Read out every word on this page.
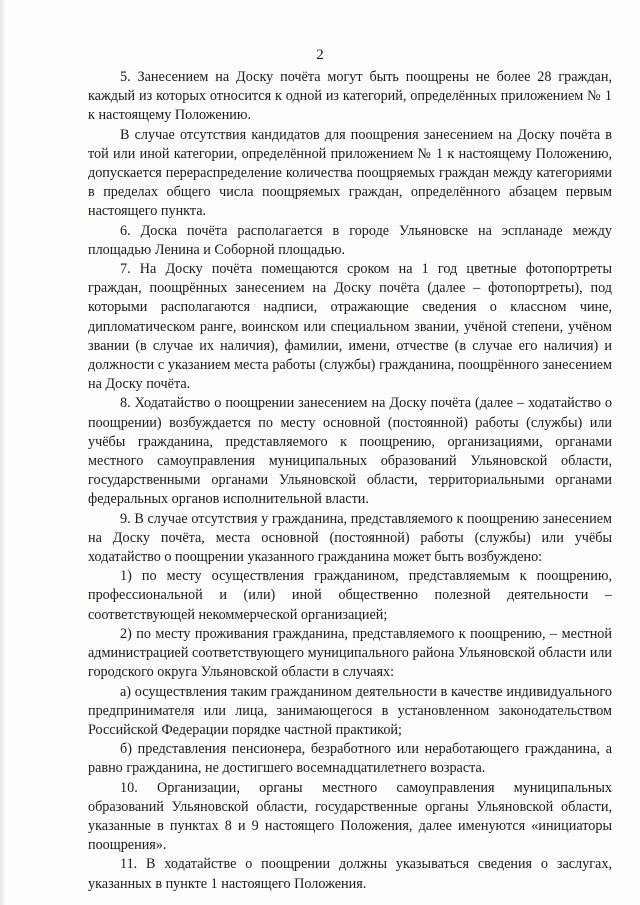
2

5. Занесением на Доску почёта могут быть поощрены не более 28 граждан, каждый из которых относится к одной из категорий, определённых приложением № 1 к настоящему Положению.

В случае отсутствия кандидатов для поощрения занесением на Доску почёта в той или иной категории, определённой приложением № 1 к настоящему Положению, допускается перераспределение количества поощряемых граждан между категориями в пределах общего числа поощряемых граждан, определённого абзацем первым настоящего пункта.

6. Доска почёта располагается в городе Ульяновске на эспланаде между площадью Ленина и Соборной площадью.

7. На Доску почёта помещаются сроком на 1 год цветные фотопортреты граждан, поощрённых занесением на Доску почёта (далее – фотопортреты), под которыми располагаются надписи, отражающие сведения о классном чине, дипломатическом ранге, воинском или специальном звании, учёной степени, учёном звании (в случае их наличия), фамилии, имени, отчестве (в случае его наличия) и должности с указанием места работы (службы) гражданина, поощрённого занесением на Доску почёта.

8. Ходатайство о поощрении занесением на Доску почёта (далее – ходатайство о поощрении) возбуждается по месту основной (постоянной) работы (службы) или учёбы гражданина, представляемого к поощрению, организациями, органами местного самоуправления муниципальных образований Ульяновской области, государственными органами Ульяновской области, территориальными органами федеральных органов исполнительной власти.

9. В случае отсутствия у гражданина, представляемого к поощрению занесением на Доску почёта, места основной (постоянной) работы (службы) или учёбы ходатайство о поощрении указанного гражданина может быть возбуждено:

1) по месту осуществления гражданином, представляемым к поощрению, профессиональной и (или) иной общественно полезной деятельности – соответствующей некоммерческой организацией;

2) по месту проживания гражданина, представляемого к поощрению, – местной администрацией соответствующего муниципального района Ульяновской области или городского округа Ульяновской области в случаях:

а) осуществления таким гражданином деятельности в качестве индивидуального предпринимателя или лица, занимающегося в установленном законодательством Российской Федерации порядке частной практикой;

б) представления пенсионера, безработного или неработающего гражданина, а равно гражданина, не достигшего восемнадцатилетнего возраста.

10. Организации, органы местного самоуправления муниципальных образований Ульяновской области, государственные органы Ульяновской области, указанные в пунктах 8 и 9 настоящего Положения, далее именуются «инициаторы поощрения».

11. В ходатайстве о поощрении должны указываться сведения о заслугах, указанных в пункте 1 настоящего Положения.
